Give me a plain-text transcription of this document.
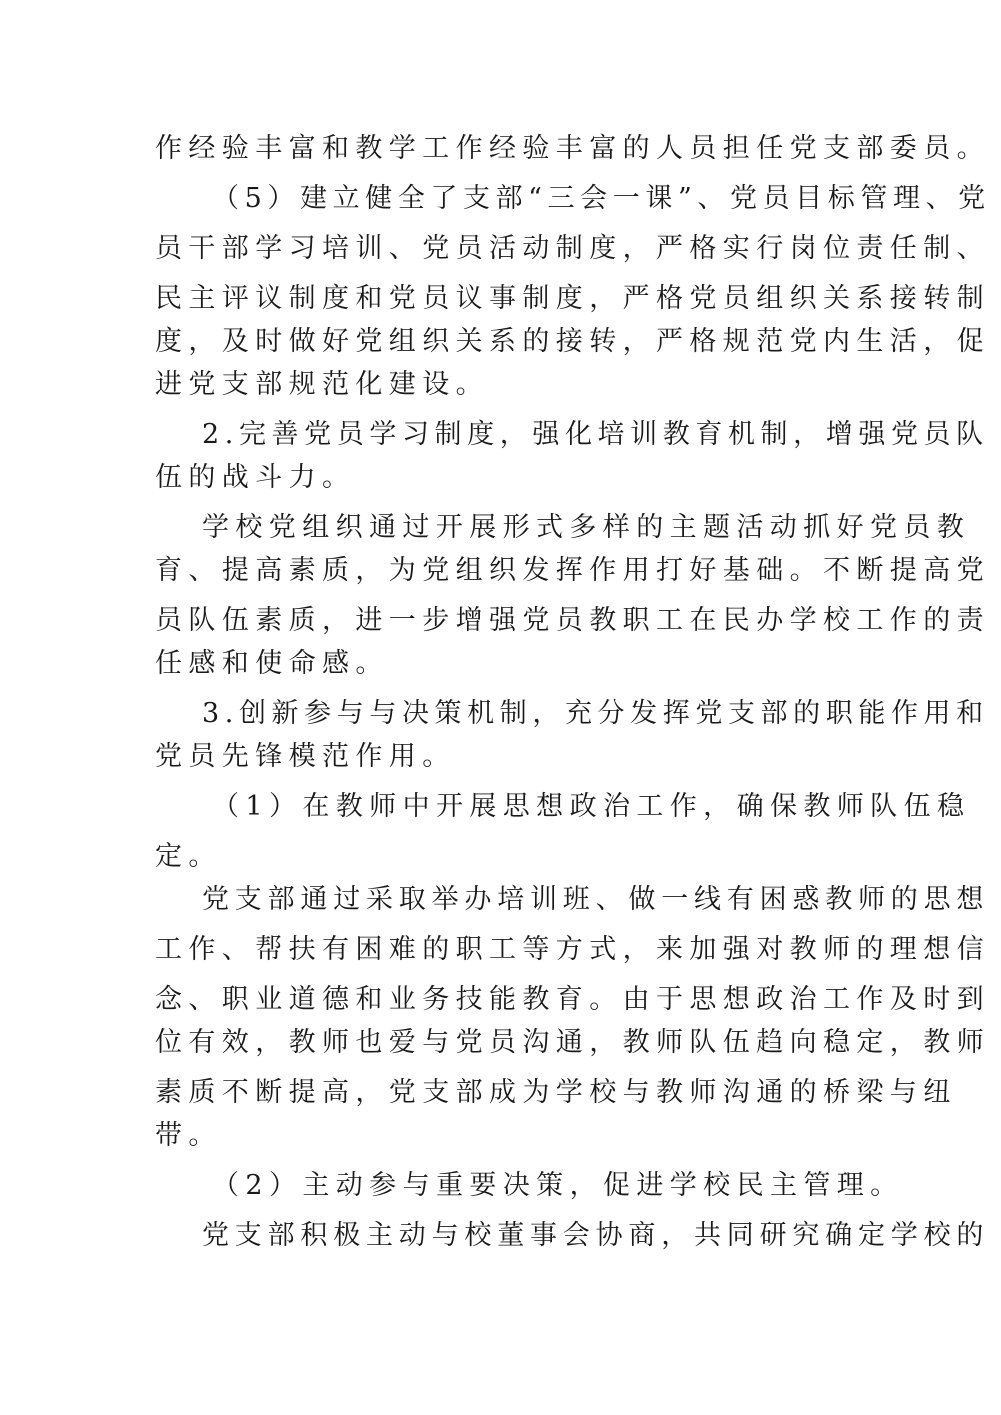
作经验丰富和教学工作经验丰富的人员担任党支部委员。
（5）建立健全了支部“三会一课”、党员目标管理、党
员干部学习培训、党员活动制度，严格实行岗位责任制、
民主评议制度和党员议事制度，严格党员组织关系接转制
度，及时做好党组织关系的接转，严格规范党内生活，促
进党支部规范化建设。
2.完善党员学习制度，强化培训教育机制，增强党员队
伍的战斗力。
学校党组织通过开展形式多样的主题活动抓好党员教
育、提高素质，为党组织发挥作用打好基础。不断提高党
员队伍素质，进一步增强党员教职工在民办学校工作的责
任感和使命感。
3.创新参与与决策机制，充分发挥党支部的职能作用和
党员先锋模范作用。
（1）在教师中开展思想政治工作，确保教师队伍稳
定。
党支部通过采取举办培训班、做一线有困惑教师的思想
工作、帮扶有困难的职工等方式，来加强对教师的理想信
念、职业道德和业务技能教育。由于思想政治工作及时到
位有效，教师也爱与党员沟通，教师队伍趋向稳定，教师
素质不断提高，党支部成为学校与教师沟通的桥梁与纽
带。
（2）主动参与重要决策，促进学校民主管理。
党支部积极主动与校董事会协商，共同研究确定学校的
